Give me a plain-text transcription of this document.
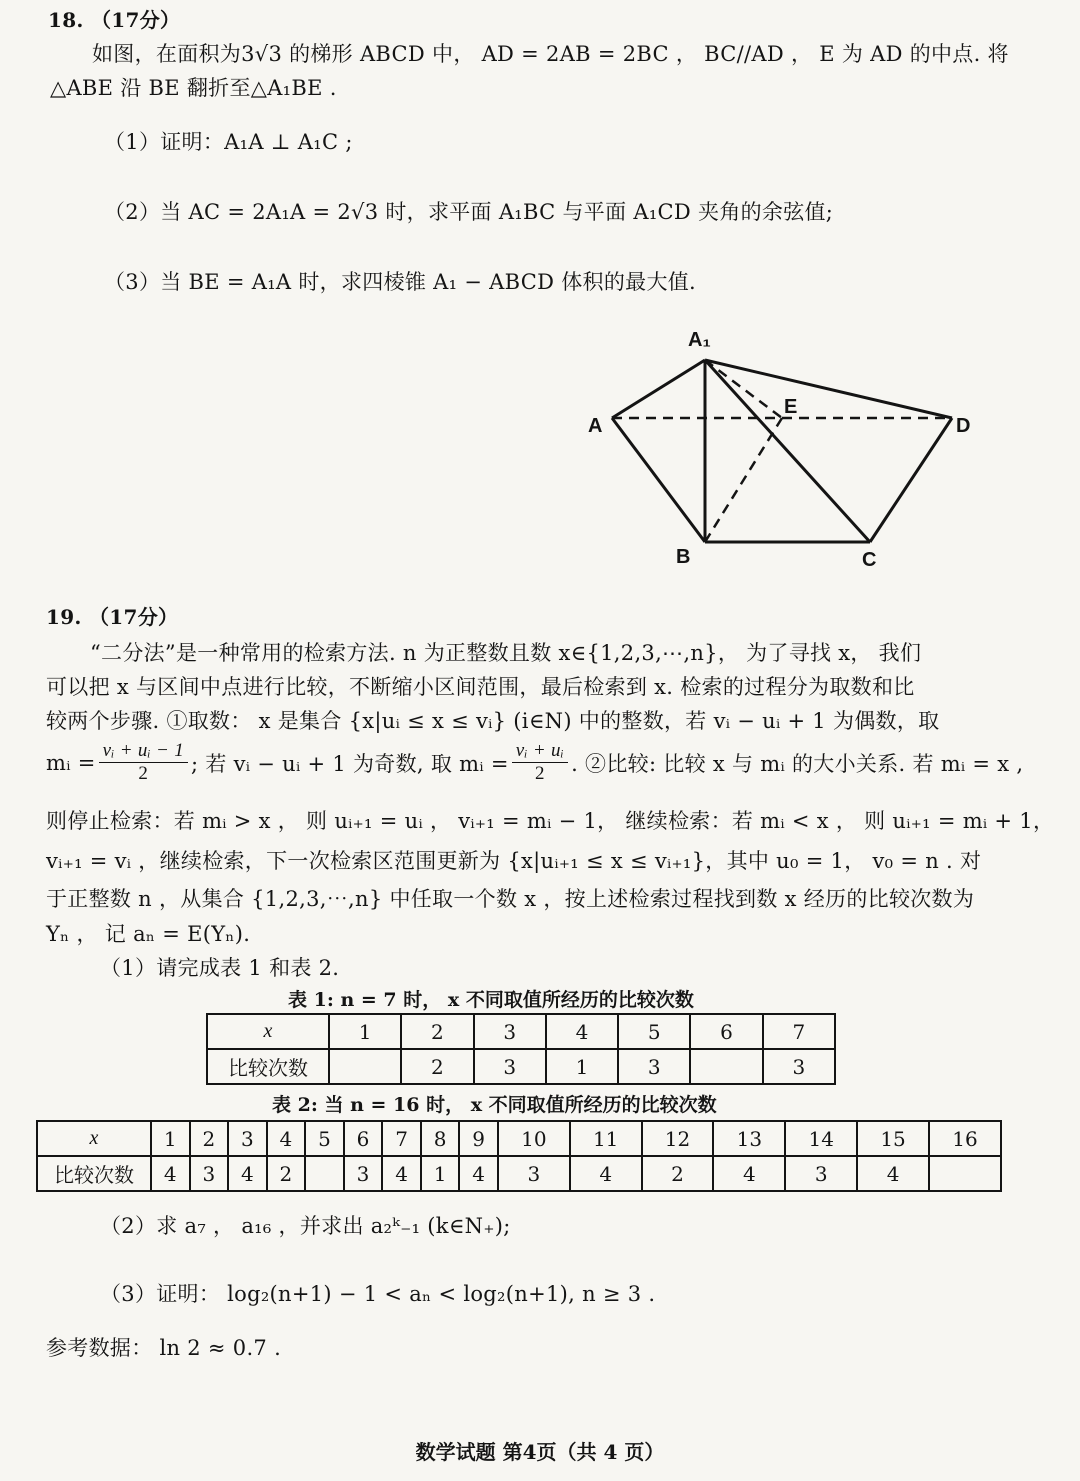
18. （17分）
如图，在面积为3√3 的梯形 ABCD 中， AD = 2AB = 2BC ， BC//AD ， E 为 AD 的中点. 将
△ABE 沿 BE 翻折至△A₁BE .
（1）证明：A₁A ⊥ A₁C ;
（2）当 AC = 2A₁A = 2√3 时，求平面 A₁BC 与平面 A₁CD 夹角的余弦值;
（3）当 BE = A₁A 时，求四棱锥 A₁ − ABCD 体积的最大值.
A₁
A
E
D
B	C
19. （17分）
“二分法”是一种常用的检索方法. n 为正整数且数 x∈{1,2,3,⋯,n}， 为了寻找 x， 我们
可以把 x 与区间中点进行比较，不断缩小区间范围，最后检索到 x. 检索的过程分为取数和比
较两个步骤. ①取数： x 是集合 {x|uᵢ ≤ x ≤ vᵢ} (i∈N) 中的整数，若 vᵢ − uᵢ + 1 为偶数，取
mᵢ = $\frac{\text{vᵢ + uᵢ − 1}}{2}$ ; 若 vᵢ − uᵢ + 1 为奇数, 取 mᵢ = $\frac{\text{vᵢ + uᵢ}}{2}$ . ②比较: 比较 x 与 mᵢ 的大小关系. 若 mᵢ = x ,
则停止检索：若 mᵢ > x ， 则 uᵢ₊₁ = uᵢ ， vᵢ₊₁ = mᵢ − 1， 继续检索：若 mᵢ < x ， 则 uᵢ₊₁ = mᵢ + 1，
vᵢ₊₁ = vᵢ ，继续检索，下一次检索区范围更新为 {x|uᵢ₊₁ ≤ x ≤ vᵢ₊₁}，其中 u₀ = 1， v₀ = n . 对
于正整数 n ，从集合 {1,2,3,⋯,n} 中任取一个数 x ，按上述检索过程找到数 x 经历的比较次数为
Yₙ ， 记 aₙ = E(Yₙ).
（1）请完成表 1 和表 2.
表 1: n = 7 时， x 不同取值所经历的比较次数
x	1	2	3	4	5	6	7
比较次数		2	3	1	3		3
表 2: 当 n = 16 时， x 不同取值所经历的比较次数
x	1	2	3	4	5	6	7	8	9	10	11	12	13	14	15	16
比较次数	4	3	4	2		3	4	1	4	3	4	2	4	3	4	
（2）求 a₇ ， a₁₆ ，并求出 a₂ᵏ₋₁ (k∈N₊);
（3）证明： log₂(n+1) − 1 < aₙ < log₂(n+1), n ≥ 3 .
参考数据： ln 2 ≈ 0.7 .
数学试题 第4页（共 4 页）
